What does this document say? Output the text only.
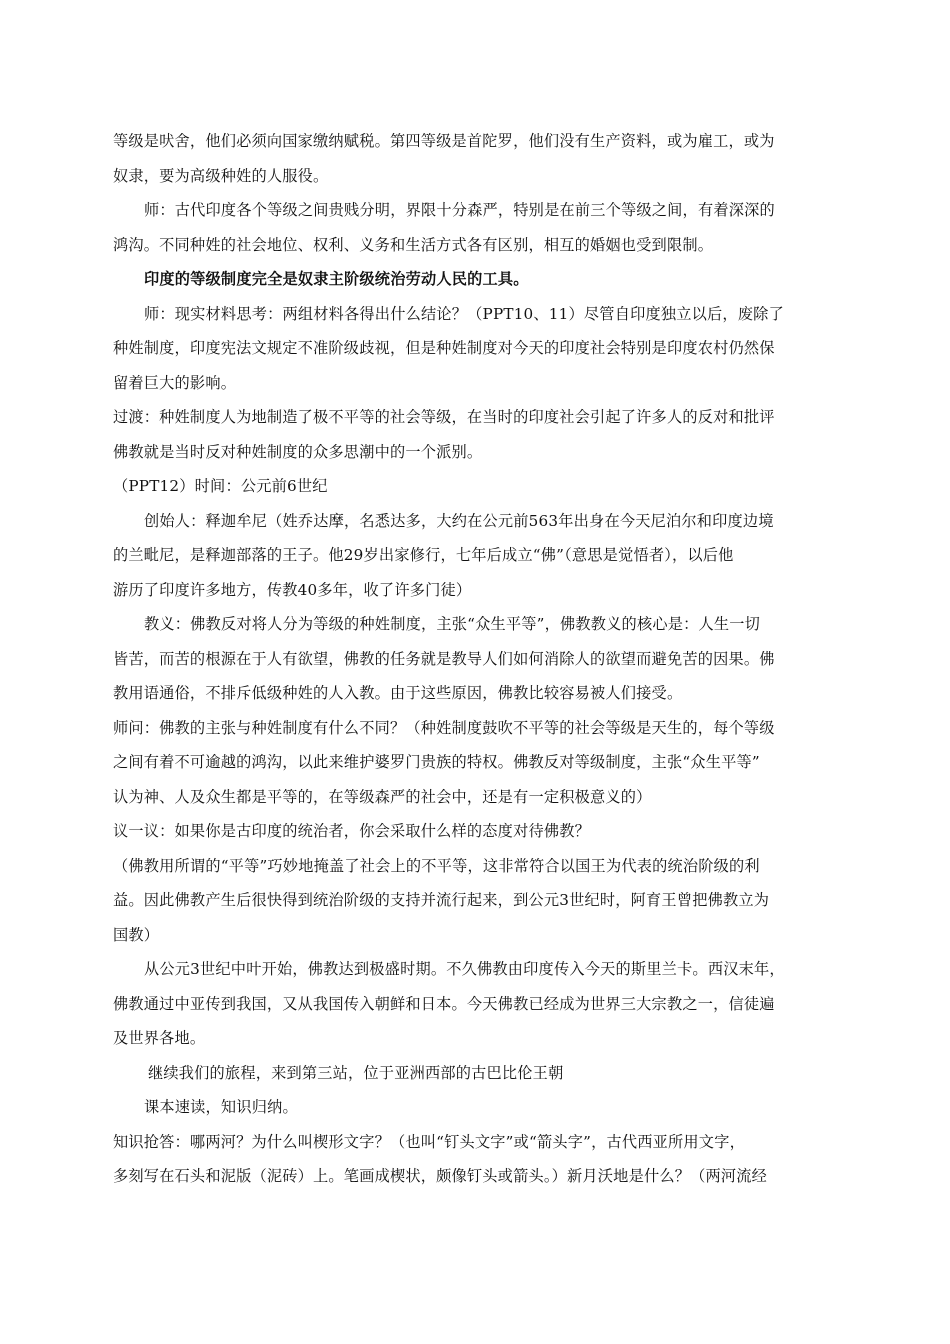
等级是吠舍，他们必须向国家缴纳赋税。第四等级是首陀罗，他们没有生产资料，或为雇工，或为
奴隶，要为高级种姓的人服役。
师：古代印度各个等级之间贵贱分明，界限十分森严，特别是在前三个等级之间，有着深深的
鸿沟。不同种姓的社会地位、权利、义务和生活方式各有区别，相互的婚姻也受到限制。
印度的等级制度完全是奴隶主阶级统治劳动人民的工具。
师：现实材料思考：两组材料各得出什么结论？（PPT10、11）尽管自印度独立以后，废除了
种姓制度，印度宪法文规定不准阶级歧视，但是种姓制度对今天的印度社会特别是印度农村仍然保
留着巨大的影响。
过渡：种姓制度人为地制造了极不平等的社会等级，在当时的印度社会引起了许多人的反对和批评
佛教就是当时反对种姓制度的众多思潮中的一个派别。
（PPT12）时间：公元前6世纪
创始人：释迦牟尼（姓乔达摩，名悉达多，大约在公元前563年出身在今天尼泊尔和印度边境
的兰毗尼，是释迦部落的王子。他29岁出家修行，七年后成立“佛”（意思是觉悟者），以后他
游历了印度许多地方，传教40多年，收了许多门徒）
教义：佛教反对将人分为等级的种姓制度，主张“众生平等”，佛教教义的核心是：人生一切
皆苦，而苦的根源在于人有欲望，佛教的任务就是教导人们如何消除人的欲望而避免苦的因果。佛
教用语通俗，不排斥低级种姓的人入教。由于这些原因，佛教比较容易被人们接受。
师问：佛教的主张与种姓制度有什么不同？（种姓制度鼓吹不平等的社会等级是天生的，每个等级
之间有着不可逾越的鸿沟，以此来维护婆罗门贵族的特权。佛教反对等级制度，主张“众生平等”
认为神、人及众生都是平等的，在等级森严的社会中，还是有一定积极意义的）
议一议：如果你是古印度的统治者，你会采取什么样的态度对待佛教？
（佛教用所谓的“平等”巧妙地掩盖了社会上的不平等，这非常符合以国王为代表的统治阶级的利
益。因此佛教产生后很快得到统治阶级的支持并流行起来，到公元3世纪时，阿育王曾把佛教立为
国教）
从公元3世纪中叶开始，佛教达到极盛时期。不久佛教由印度传入今天的斯里兰卡。西汉末年，
佛教通过中亚传到我国，又从我国传入朝鲜和日本。今天佛教已经成为世界三大宗教之一，信徒遍
及世界各地。
继续我们的旅程，来到第三站，位于亚洲西部的古巴比伦王朝
课本速读，知识归纳。
知识抢答：哪两河？为什么叫楔形文字？（也叫“钉头文字”或“箭头字”，古代西亚所用文字，
多刻写在石头和泥版（泥砖）上。笔画成楔状，颇像钉头或箭头。）新月沃地是什么？（两河流经
